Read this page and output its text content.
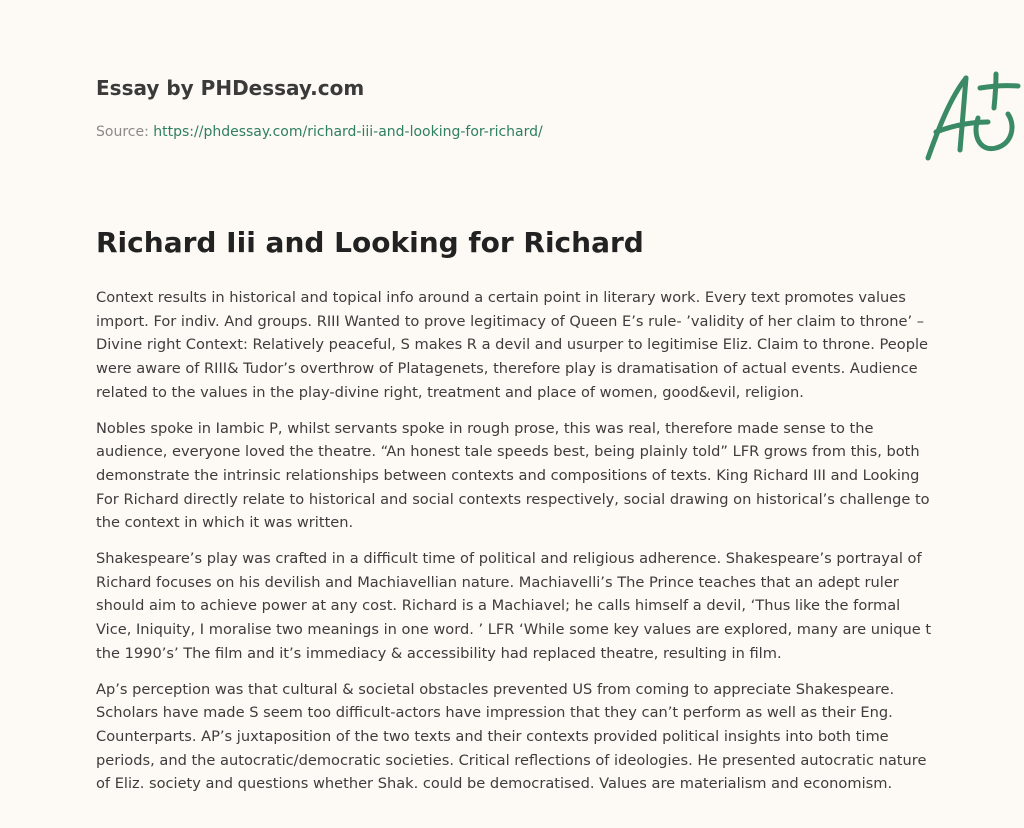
Essay by PHDessay.com
Source: https://phdessay.com/richard-iii-and-looking-for-richard/
Richard Iii and Looking for Richard

Context results in historical and topical info around a certain point in literary work. Every text promotes values import. For indiv. And groups. RIII Wanted to prove legitimacy of Queen E’s rule- ’validity of her claim to throne’ – Divine right Context: Relatively peaceful, S makes R a devil and usurper to legitimise Eliz. Claim to throne. People were aware of RIII& Tudor’s overthrow of Platagenets, therefore play is dramatisation of actual events. Audience related to the values in the play-divine right, treatment and place of women, good&evil, religion.

Nobles spoke in Iambic P, whilst servants spoke in rough prose, this was real, therefore made sense to the audience, everyone loved the theatre. “An honest tale speeds best, being plainly told” LFR grows from this, both demonstrate the intrinsic relationships between contexts and compositions of texts. King Richard III and Looking For Richard directly relate to historical and social contexts respectively, social drawing on historical’s challenge to the context in which it was written.

Shakespeare’s play was crafted in a difficult time of political and religious adherence. Shakespeare’s portrayal of Richard focuses on his devilish and Machiavellian nature. Machiavelli’s The Prince teaches that an adept ruler should aim to achieve power at any cost. Richard is a Machiavel; he calls himself a devil, ‘Thus like the formal Vice, Iniquity, I moralise two meanings in one word. ’ LFR ‘While some key values are explored, many are unique t the 1990’s’ The film and it’s immediacy & accessibility had replaced theatre, resulting in film.

Ap’s perception was that cultural & societal obstacles prevented US from coming to appreciate Shakespeare. Scholars have made S seem too difficult-actors have impression that they can’t perform as well as their Eng. Counterparts. AP’s juxtaposition of the two texts and their contexts provided political insights into both time periods, and the autocratic/democratic societies. Critical reflections of ideologies. He presented autocratic nature of Eliz. society and questions whether Shak. could be democratised. Values are materialism and economism.
